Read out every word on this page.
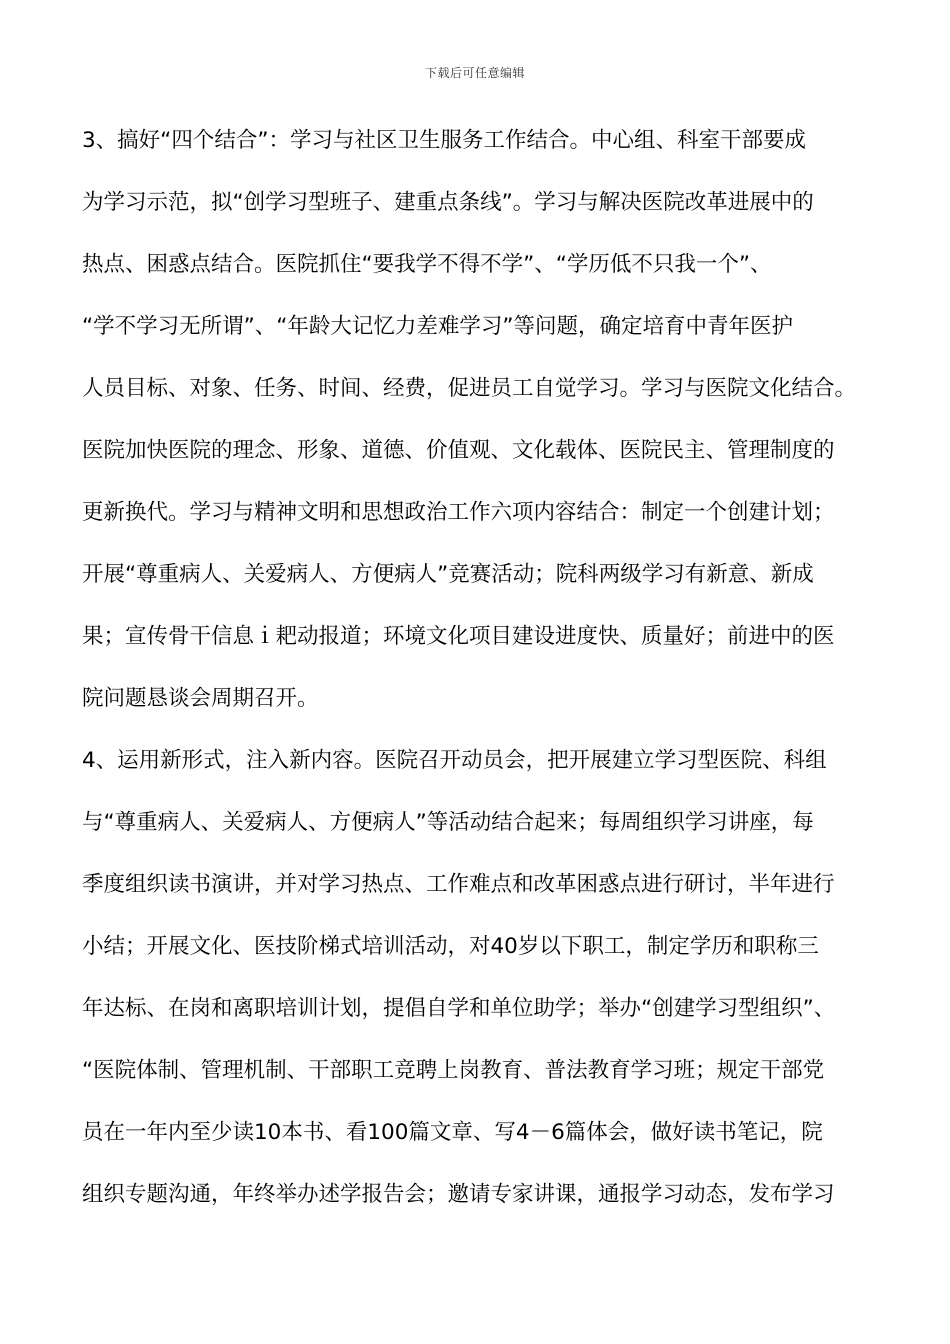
下载后可任意编辑
3、搞好“四个结合”：学习与社区卫生服务工作结合。中心组、科室干部要成
为学习示范，拟“创学习型班子、建重点条线”。学习与解决医院改革进展中的
热点、困惑点结合。医院抓住“要我学不得不学”、“学历低不只我一个”、
“学不学习无所谓”、“年龄大记忆力差难学习”等问题，确定培育中青年医护
人员目标、对象、任务、时间、经费，促进员工自觉学习。学习与医院文化结合。
医院加快医院的理念、形象、道德、价值观、文化载体、医院民主、管理制度的
更新换代。学习与精神文明和思想政治工作六项内容结合：制定一个创建计划；
开展“尊重病人、关爱病人、方便病人”竞赛活动；院科两级学习有新意、新成
果；宣传骨干信息ｉ耙动报道；环境文化项目建设进度快、质量好；前进中的医
院问题恳谈会周期召开。
4、运用新形式，注入新内容。医院召开动员会，把开展建立学习型医院、科组
与“尊重病人、关爱病人、方便病人”等活动结合起来；每周组织学习讲座，每
季度组织读书演讲，并对学习热点、工作难点和改革困惑点进行研讨，半年进行
小结；开展文化、医技阶梯式培训活动，对40岁以下职工，制定学历和职称三
年达标、在岗和离职培训计划，提倡自学和单位助学；举办“创建学习型组织”、
“医院体制、管理机制、干部职工竞聘上岗教育、普法教育学习班；规定干部党
员在一年内至少读10本书、看100篇文章、写4－6篇体会，做好读书笔记，院
组织专题沟通，年终举办述学报告会；邀请专家讲课，通报学习动态，发布学习
